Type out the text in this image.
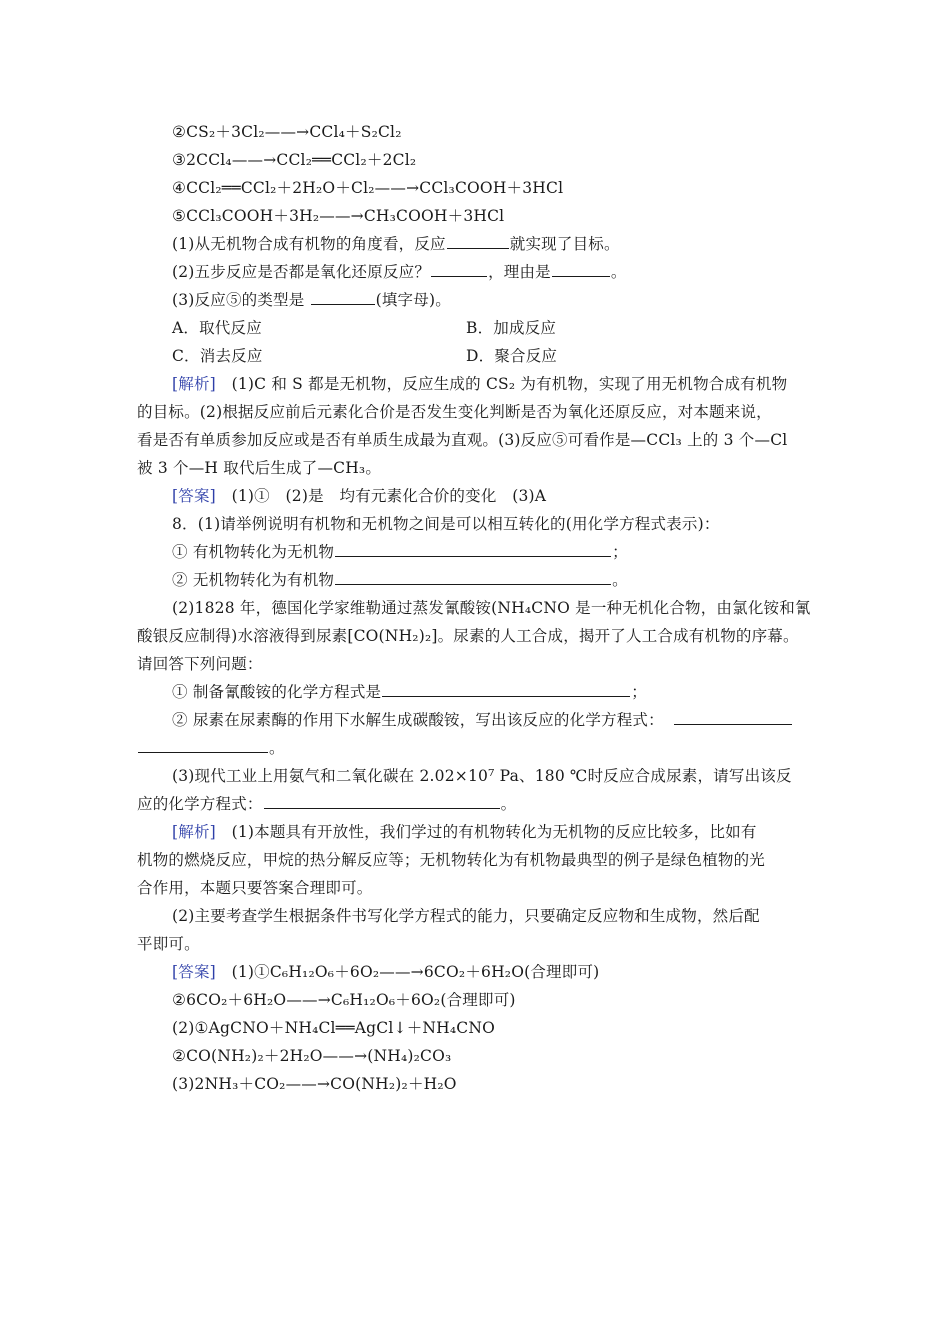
②CS₂＋3Cl₂——→CCl₄＋S₂Cl₂
③2CCl₄——→CCl₂══CCl₂＋2Cl₂
④CCl₂══CCl₂＋2H₂O＋Cl₂——→CCl₃COOH＋3HCl
⑤CCl₃COOH＋3H₂——→CH₃COOH＋3HCl
(1)从无机物合成有机物的角度看，反应	就实现了目标。
(2)五步反应是否都是氧化还原反应？	，理由是	。
(3)反应⑤的类型是	(填字母)。
A．取代反应	B．加成反应
C．消去反应	D．聚合反应
[解析]　(1)C 和 S 都是无机物，反应生成的 CS₂ 为有机物，实现了用无机物合成有机物
的目标。(2)根据反应前后元素化合价是否发生变化判断是否为氧化还原反应，对本题来说，
看是否有单质参加反应或是否有单质生成最为直观。(3)反应⑤可看作是—CCl₃ 上的 3 个—Cl
被 3 个—H 取代后生成了—CH₃。
[答案]　(1)①　(2)是　均有元素化合价的变化　(3)A
8．(1)请举例说明有机物和无机物之间是可以相互转化的(用化学方程式表示)：
① 有机物转化为无机物	；
② 无机物转化为有机物	。
(2)1828 年，德国化学家维勒通过蒸发氰酸铵(NH₄CNO 是一种无机化合物，由氯化铵和氰
酸银反应制得)水溶液得到尿素[CO(NH₂)₂]。尿素的人工合成，揭开了人工合成有机物的序幕。
请回答下列问题：
① 制备氰酸铵的化学方程式是	；
② 尿素在尿素酶的作用下水解生成碳酸铵，写出该反应的化学方程式：
。
(3)现代工业上用氨气和二氧化碳在 2.02×10⁷ Pa、180 ℃时反应合成尿素，请写出该反
应的化学方程式：	。
[解析]　(1)本题具有开放性，我们学过的有机物转化为无机物的反应比较多，比如有
机物的燃烧反应，甲烷的热分解反应等；无机物转化为有机物最典型的例子是绿色植物的光
合作用，本题只要答案合理即可。
(2)主要考查学生根据条件书写化学方程式的能力，只要确定反应物和生成物，然后配
平即可。
[答案]　(1)①C₆H₁₂O₆＋6O₂——→6CO₂＋6H₂O(合理即可)
②6CO₂＋6H₂O——→C₆H₁₂O₆＋6O₂(合理即可)
(2)①AgCNO＋NH₄Cl══AgCl↓＋NH₄CNO
②CO(NH₂)₂＋2H₂O——→(NH₄)₂CO₃
(3)2NH₃＋CO₂——→CO(NH₂)₂＋H₂O
